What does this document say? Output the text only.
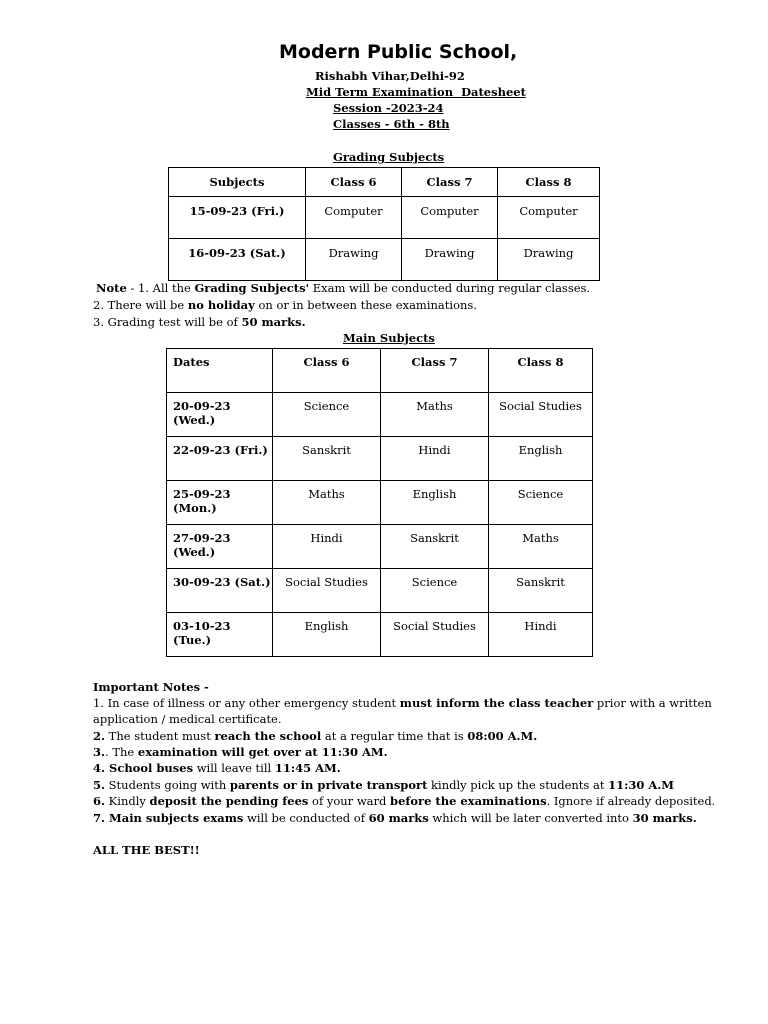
Modern Public School,
Rishabh Vihar,Delhi-92
Mid Term Examination  Datesheet
Session -2023-24
Classes - 6th - 8th
Grading Subjects
Subjects	Class 6	Class 7	Class 8
15-09-23 (Fri.)	Computer	Computer	Computer
16-09-23 (Sat.)	Drawing	Drawing	Drawing
Note - 1. All the Grading Subjects' Exam will be conducted during regular classes.
2. There will be no holiday on or in between these examinations.
3. Grading test will be of 50 marks.
Main Subjects
Dates	Class 6	Class 7	Class 8
20-09-23 (Wed.)	Science	Maths	Social Studies
22-09-23 (Fri.)	Sanskrit	Hindi	English
25-09-23 (Mon.)	Maths	English	Science
27-09-23 (Wed.)	Hindi	Sanskrit	Maths
30-09-23 (Sat.)	Social Studies	Science	Sanskrit
03-10-23 (Tue.)	English	Social Studies	Hindi
Important Notes -
1. In case of illness or any other emergency student must inform the class teacher prior with a written
application / medical certificate.
2. The student must reach the school at a regular time that is 08:00 A.M.
3.. The examination will get over at 11:30 AM.
4. School buses will leave till 11:45 AM.
5. Students going with parents or in private transport kindly pick up the students at 11:30 A.M
6. Kindly deposit the pending fees of your ward before the examinations. Ignore if already deposited.
7. Main subjects exams will be conducted of 60 marks which will be later converted into 30 marks.
ALL THE BEST!!
